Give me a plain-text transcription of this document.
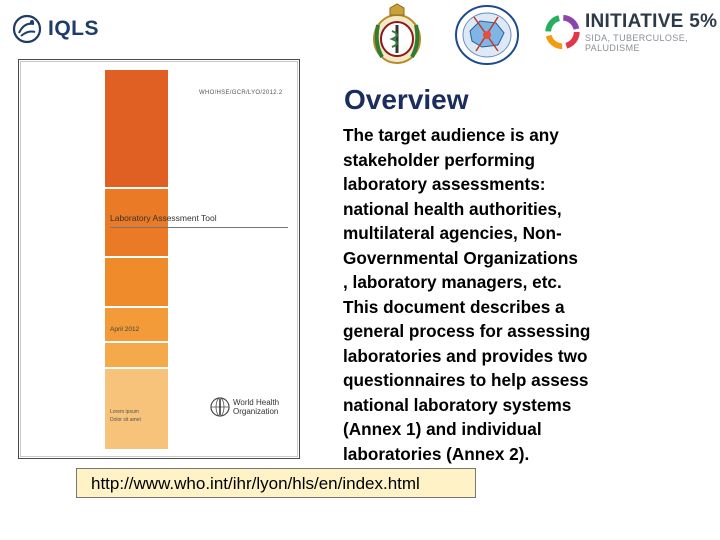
IQLS	INITIATIVE 5%
SIDA, TUBERCULOSE, PALUDISME
WHO/HSE/GCR/LYO/2012.2
Laboratory Assessment Tool
April 2012
Lorem ipsum
Dolor sit amet
World Health
Organization
Overview
The target audience is any
stakeholder performing
laboratory assessments:
national health authorities,
multilateral agencies, Non-
Governmental Organizations
, laboratory managers, etc.
This document describes a
general process for assessing
laboratories and provides two
questionnaires to help assess
national laboratory systems
(Annex 1) and individual
laboratories (Annex 2).
http://www.who.int/ihr/lyon/hls/en/index.html
